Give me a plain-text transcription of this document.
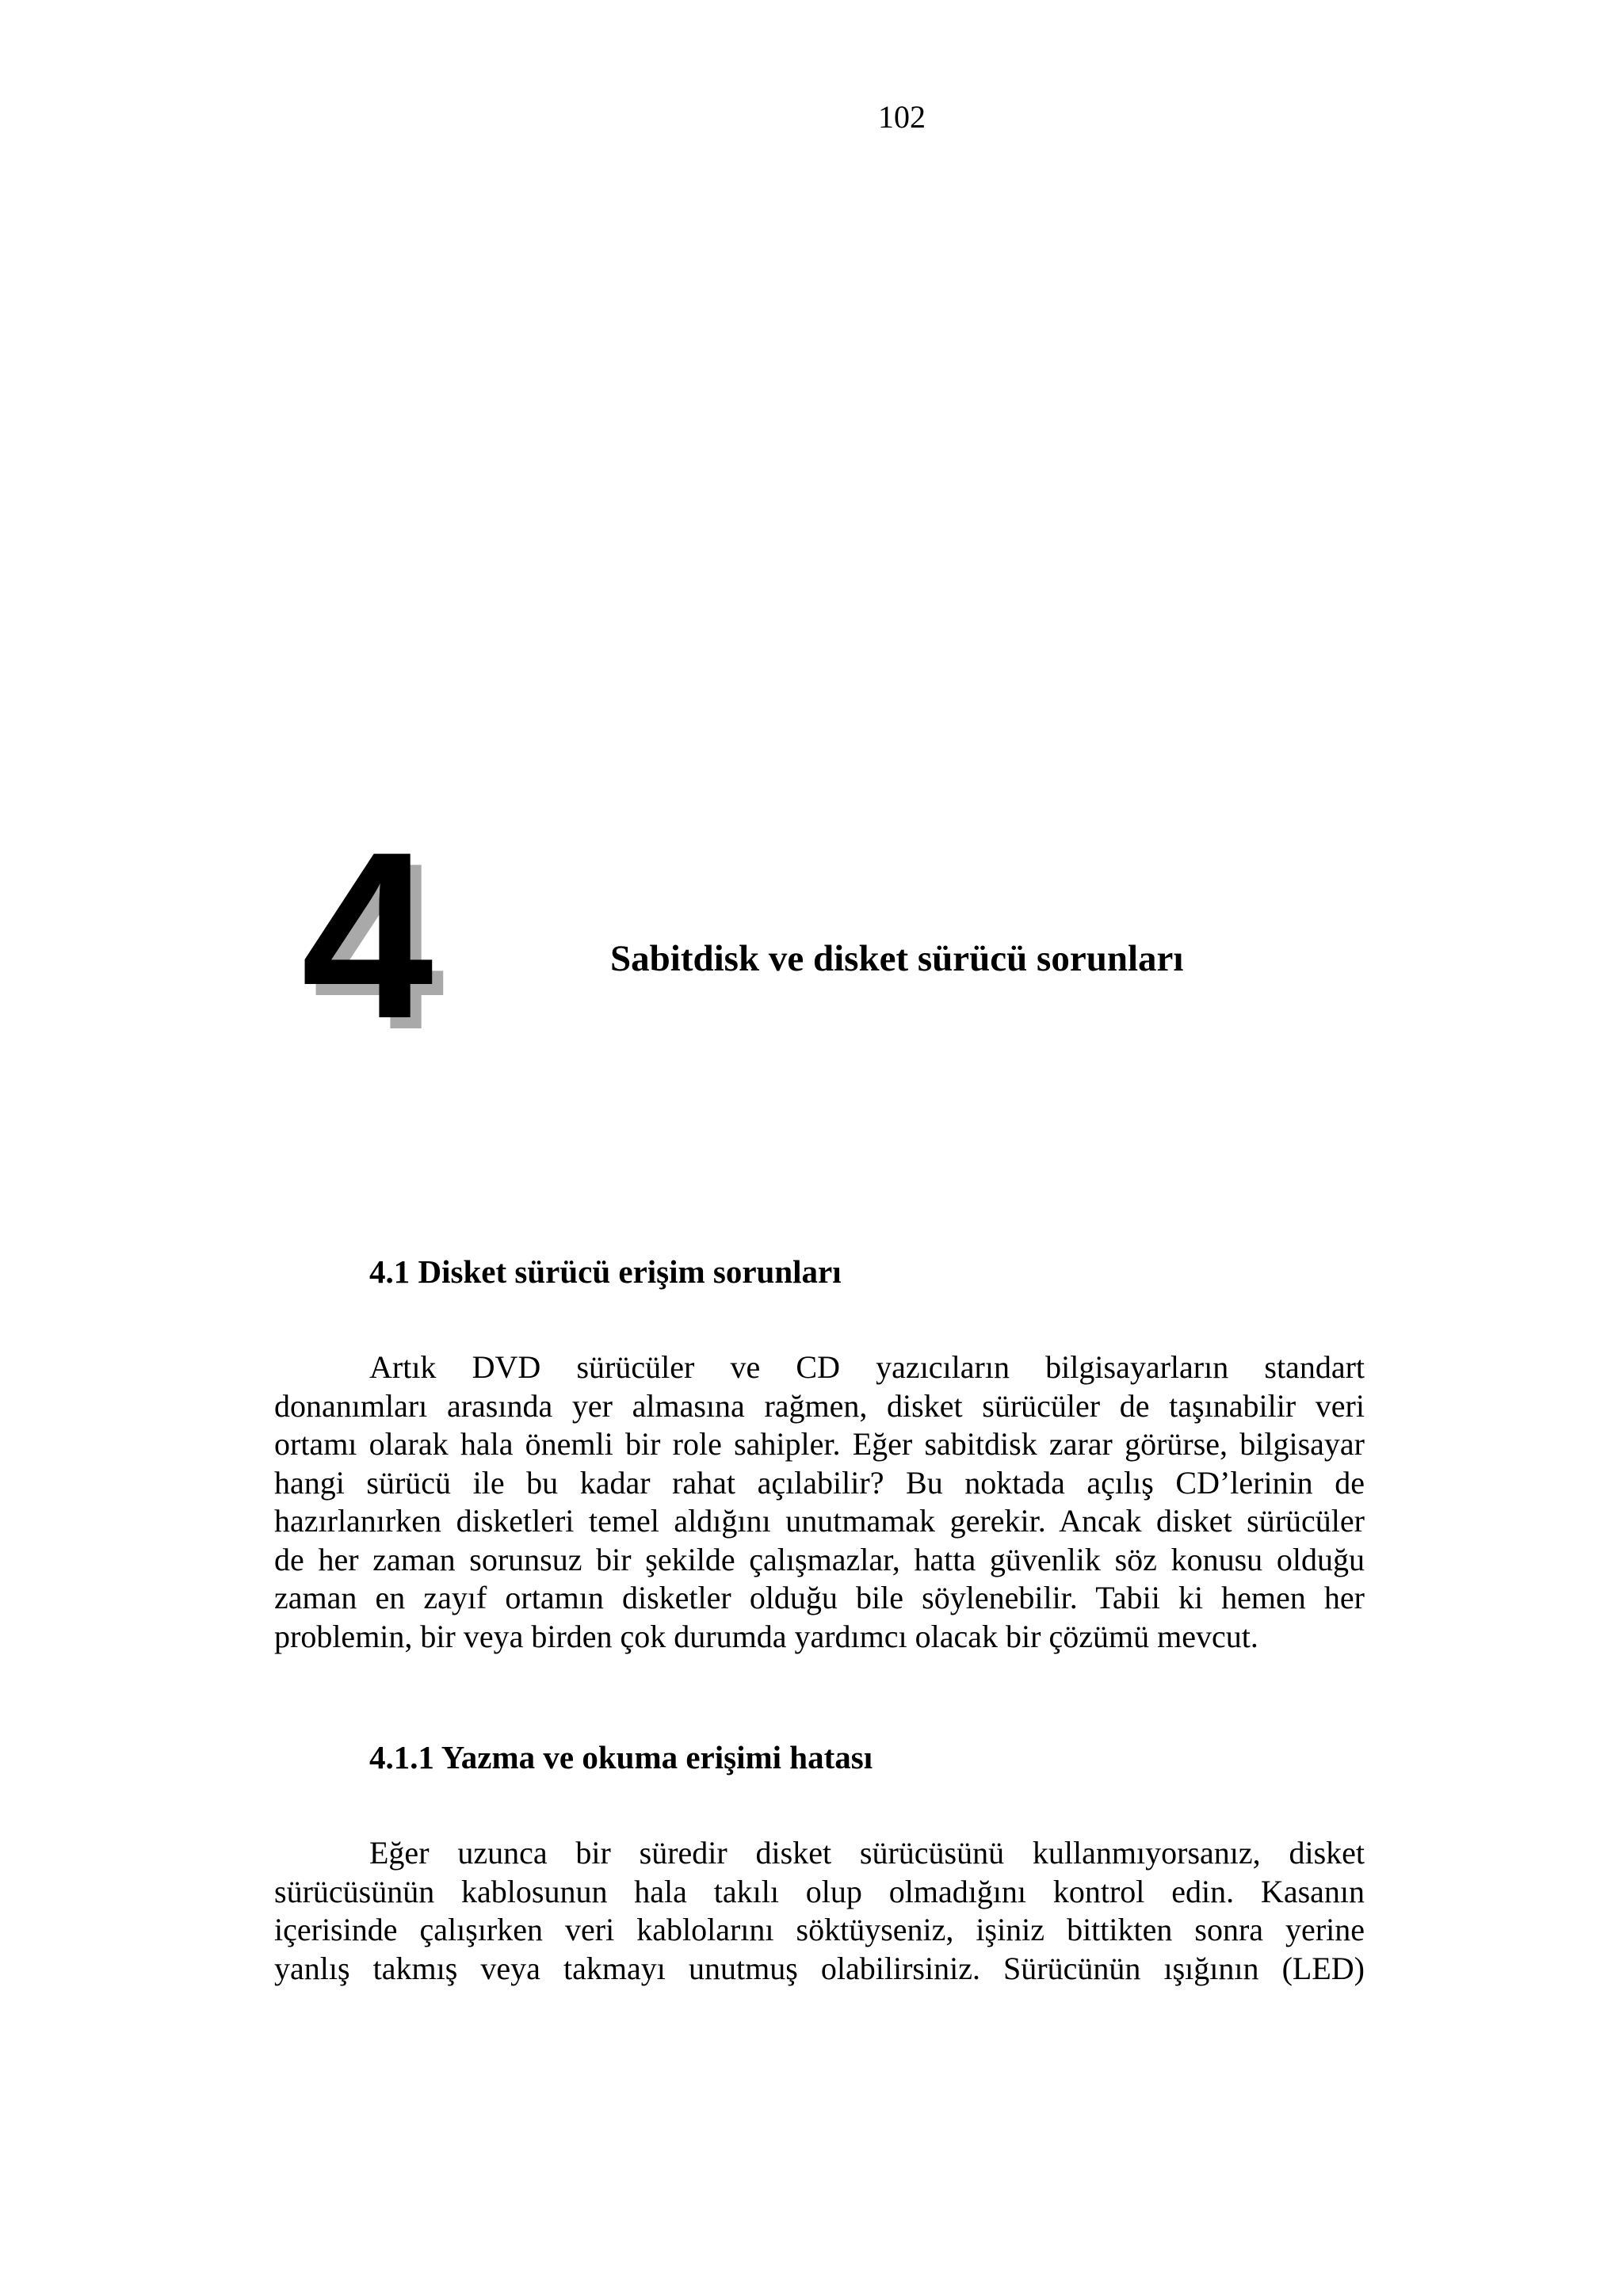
102
4	Sabitdisk ve disket sürücü sorunları
4.1 Disket sürücü erişim sorunları
Artık DVD sürücüler ve CD yazıcıların bilgisayarların standart
donanımları arasında yer almasına rağmen, disket sürücüler de taşınabilir veri
ortamı olarak hala önemli bir role sahipler. Eğer sabitdisk zarar görürse, bilgisayar
hangi sürücü ile bu kadar rahat açılabilir? Bu noktada açılış CD’lerinin de
hazırlanırken disketleri temel aldığını unutmamak gerekir. Ancak disket sürücüler
de her zaman sorunsuz bir şekilde çalışmazlar, hatta güvenlik söz konusu olduğu
zaman en zayıf ortamın disketler olduğu bile söylenebilir. Tabii ki hemen her
problemin, bir veya birden çok durumda yardımcı olacak bir çözümü mevcut.
4.1.1 Yazma ve okuma erişimi hatası
Eğer uzunca bir süredir disket sürücüsünü kullanmıyorsanız, disket
sürücüsünün kablosunun hala takılı olup olmadığını kontrol edin. Kasanın
içerisinde çalışırken veri kablolarını söktüyseniz, işiniz bittikten sonra yerine
yanlış takmış veya takmayı unutmuş olabilirsiniz. Sürücünün ışığının (LED)
